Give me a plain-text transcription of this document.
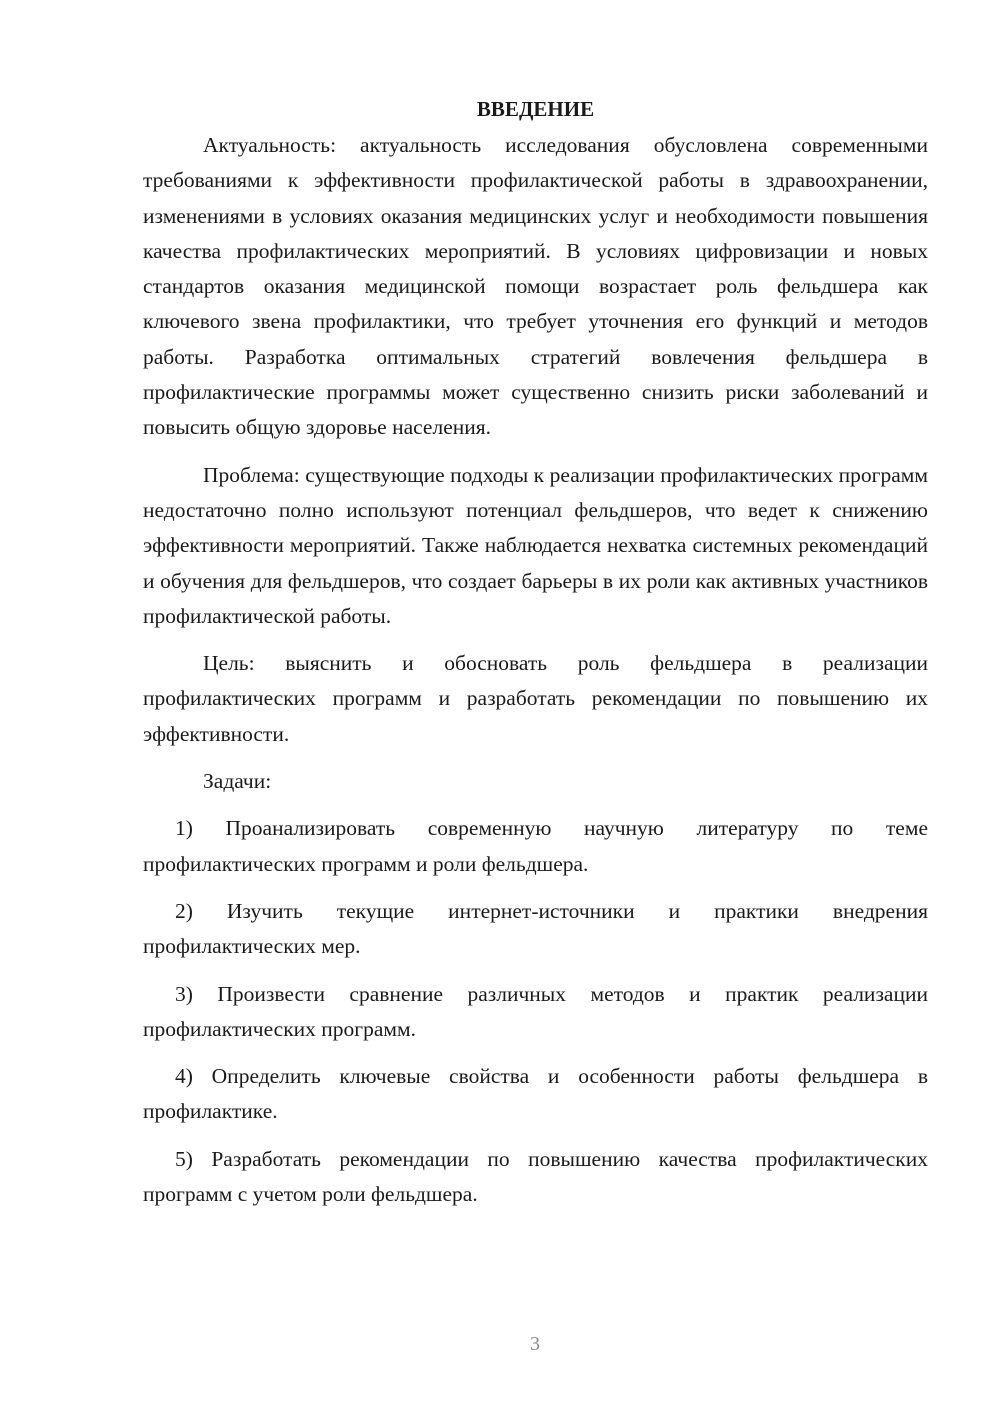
ВВЕДЕНИЕ

Актуальность: актуальность исследования обусловлена современными требованиями к эффективности профилактической работы в здравоохранении, изменениями в условиях оказания медицинских услуг и необходимости повышения качества профилактических мероприятий. В условиях цифровизации и новых стандартов оказания медицинской помощи возрастает роль фельдшера как ключевого звена профилактики, что требует уточнения его функций и методов работы. Разработка оптимальных стратегий вовлечения фельдшера в профилактические программы может существенно снизить риски заболеваний и повысить общую здоровье населения.

Проблема: существующие подходы к реализации профилактических программ недостаточно полно используют потенциал фельдшеров, что ведет к снижению эффективности мероприятий. Также наблюдается нехватка системных рекомендаций и обучения для фельдшеров, что создает барьеры в их роли как активных участников профилактической работы.

Цель: выяснить и обосновать роль фельдшера в реализации профилактических программ и разработать рекомендации по повышению их эффективности.

Задачи:

1) Проанализировать современную научную литературу по теме профилактических программ и роли фельдшера.

2) Изучить текущие интернет-источники и практики внедрения профилактических мер.

3) Произвести сравнение различных методов и практик реализации профилактических программ.

4) Определить ключевые свойства и особенности работы фельдшера в профилактике.

5) Разработать рекомендации по повышению качества профилактических программ с учетом роли фельдшера.

3
